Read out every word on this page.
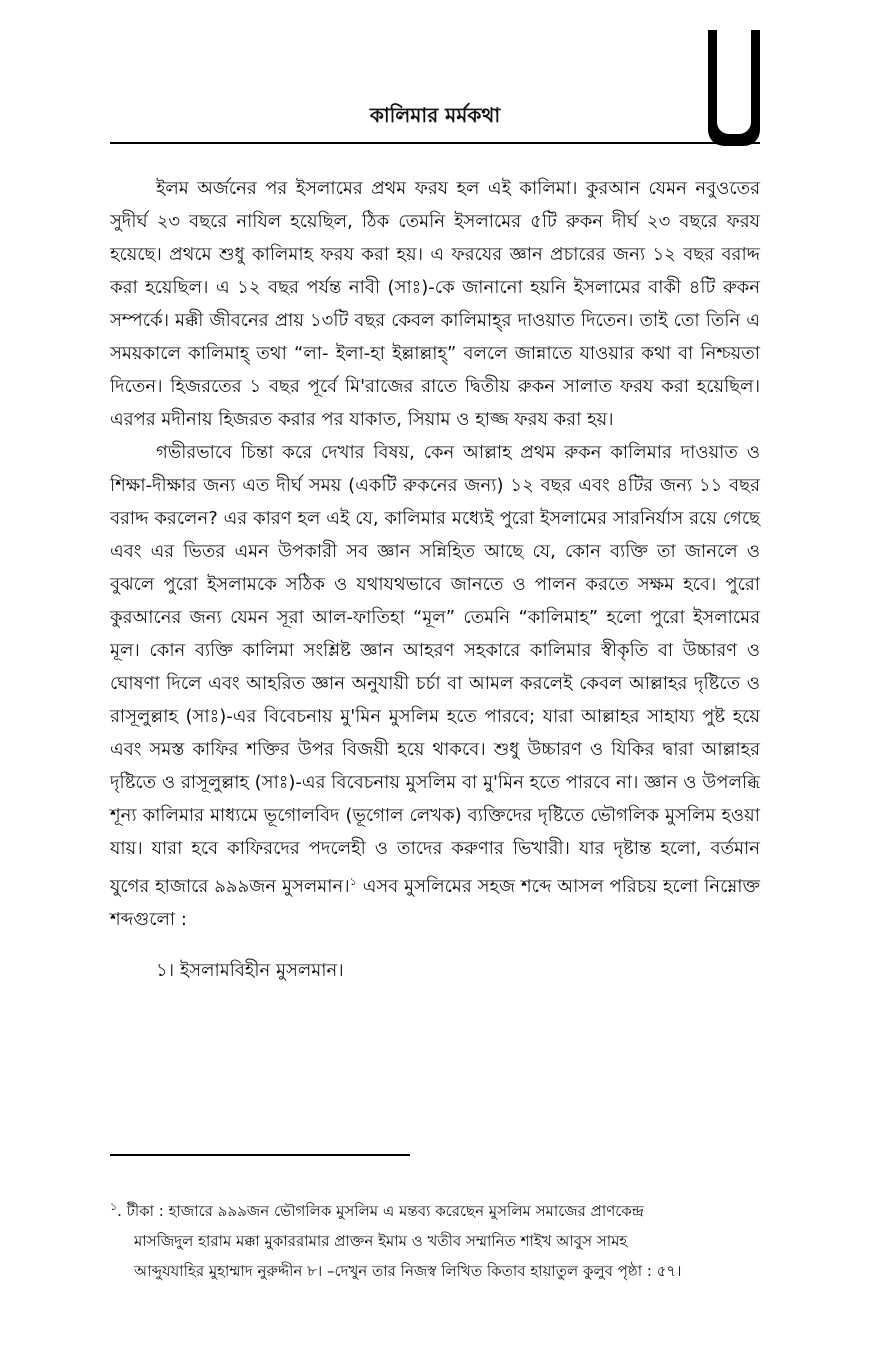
কালিমার মর্মকথা

ইলম অর্জনের পর ইসলামের প্রথম ফরয হল এই কালিমা। কুরআন যেমন নবুওতের সুদীর্ঘ ২৩ বছরে নাযিল হয়েছিল, ঠিক তেমনি ইসলামের ৫টি রুকন দীর্ঘ ২৩ বছরে ফরয হয়েছে। প্রথমে শুধু কালিমাহ ফরয করা হয়। এ ফরযের জ্ঞান প্রচারের জন্য ১২ বছর বরাদ্দ করা হয়েছিল। এ ১২ বছর পর্যন্ত নাবী (সাঃ)-কে জানানো হয়নি ইসলামের বাকী ৪টি রুকন সম্পর্কে। মক্কী জীবনের প্রায় ১৩টি বছর কেবল কালিমাহ্‌র দাওয়াত দিতেন। তাই তো তিনি এ সময়কালে কালিমাহ্‌ তথা “লা- ইলা-হা ইল্লাল্লাহ্‌” বললে জান্নাতে যাওয়ার কথা বা নিশ্চয়তা দিতেন। হিজরতের ১ বছর পূর্বে মি'রাজের রাতে দ্বিতীয় রুকন সালাত ফরয করা হয়েছিল। এরপর মদীনায় হিজরত করার পর যাকাত, সিয়াম ও হাজ্জ ফরয করা হয়।

গভীরভাবে চিন্তা করে দেখার বিষয়, কেন আল্লাহ প্রথম রুকন কালিমার দাওয়াত ও শিক্ষা-দীক্ষার জন্য এত দীর্ঘ সময় (একটি রুকনের জন্য) ১২ বছর এবং ৪টির জন্য ১১ বছর বরাদ্দ করলেন? এর কারণ হল এই যে, কালিমার মধ্যেই পুরো ইসলামের সারনির্যাস রয়ে গেছে এবং এর ভিতর এমন উপকারী সব জ্ঞান সন্নিহিত আছে যে, কোন ব্যক্তি তা জানলে ও বুঝলে পুরো ইসলামকে সঠিক ও যথাযথভাবে জানতে ও পালন করতে সক্ষম হবে। পুরো কুরআনের জন্য যেমন সূরা আল-ফাতিহা “মূল” তেমনি “কালিমাহ” হলো পুরো ইসলামের মূল। কোন ব্যক্তি কালিমা সংশ্লিষ্ট জ্ঞান আহরণ সহকারে কালিমার স্বীকৃতি বা উচ্চারণ ও ঘোষণা দিলে এবং আহরিত জ্ঞান অনুযায়ী চর্চা বা আমল করলেই কেবল আল্লাহর দৃষ্টিতে ও রাসূলুল্লাহ (সাঃ)-এর বিবেচনায় মু'মিন মুসলিম হতে পারবে; যারা আল্লাহর সাহায্য পুষ্ট হয়ে এবং সমস্ত কাফির শক্তির উপর বিজয়ী হয়ে থাকবে। শুধু উচ্চারণ ও যিকির দ্বারা আল্লাহর দৃষ্টিতে ও রাসূলুল্লাহ (সাঃ)-এর বিবেচনায় মুসলিম বা মু'মিন হতে পারবে না। জ্ঞান ও উপলব্ধি শূন্য কালিমার মাধ্যমে ভূগোলবিদ (ভূগোল লেখক) ব্যক্তিদের দৃষ্টিতে ভৌগলিক মুসলিম হওয়া যায়। যারা হবে কাফিরদের পদলেহী ও তাদের করুণার ভিখারী। যার দৃষ্টান্ত হলো, বর্তমান যুগের হাজারে ৯৯৯জন মুসলমান।$^১$ এসব মুসলিমের সহজ শব্দে আসল পরিচয় হলো নিম্নোক্ত শব্দগুলো :

১। ইসলামবিহীন মুসলমান।

$^১$. টীকা : হাজারে ৯৯৯জন ভৌগলিক মুসলিম এ মন্তব্য করেছেন মুসলিম সমাজের প্রাণকেন্দ্র

মাসজিদুল হারাম মক্কা মুকাররামার প্রাক্তন ইমাম ও খতীব সম্মানিত শাইখ আবুস সামহ

আব্দুযযাহির মুহাম্মাদ নুরুদ্দীন ৮। –দেখুন তার নিজস্ব লিখিত কিতাব হায়াতুল কুলুব পৃষ্ঠা : ৫৭।
